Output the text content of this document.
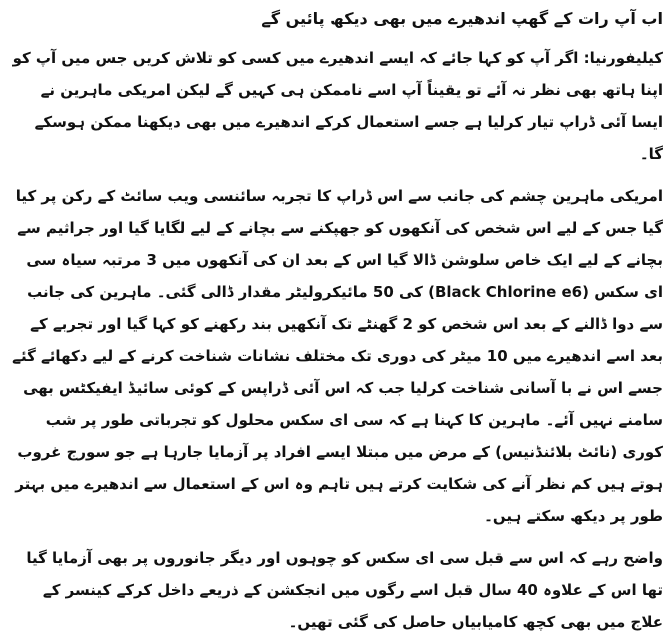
اب آپ رات کے گھپ اندھیرے میں بھی دیکھ پائیں گے

کیلیفورنیا: اگر آپ کو کہا جائے کہ ایسے اندھیرے میں کسی کو تلاش کریں جس میں آپ کو اپنا ہاتھ بھی نظر نہ آئے تو یقیناً آپ اسے ناممکن ہی کہیں گے لیکن امریکی ماہرین نے ایسا آئی ڈراپ تیار کرلیا ہے جسے استعمال کرکے اندھیرے میں بھی دیکھنا ممکن ہوسکے گا۔

امریکی ماہرین چشم کی جانب سے اس ڈراپ کا تجربہ سائنسی ویب سائٹ کے رکن پر کیا گیا جس کے لیے اس شخص کی آنکھوں کو جھپکنے سے بچانے کے لیے لگایا گیا اور جراثیم سے بچانے کے لیے ایک خاص سلوشن ڈالا گیا اس کے بعد ان کی آنکھوں میں 3 مرتبہ سیاہ سی ای سکس (Black Chlorine e6) کی 50 مائیکرولیٹر مقدار ڈالی گئی۔ ماہرین کی جانب سے دوا ڈالنے کے بعد اس شخص کو 2 گھنٹے تک آنکھیں بند رکھنے کو کہا گیا اور تجربے کے بعد اسے اندھیرے میں 10 میٹر کی دوری تک مختلف نشانات شناخت کرنے کے لیے دکھائے گئے جسے اس نے با آسانی شناخت کرلیا جب کہ اس آئی ڈراپس کے کوئی سائیڈ ایفیکٹس بھی سامنے نہیں آئے۔ ماہرین کا کہنا ہے کہ سی ای سکس محلول کو تجرباتی طور پر شب کوری (نائٹ بلائنڈنیس) کے مرض میں مبتلا ایسے افراد پر آزمایا جارہا ہے جو سورج غروب ہوتے ہیں کم نظر آنے کی شکایت کرتے ہیں تاہم وہ اس کے استعمال سے اندھیرے میں بہتر طور پر دیکھ سکتے ہیں۔

واضح رہے کہ اس سے قبل سی ای سکس کو چوہوں اور دیگر جانوروں پر بھی آزمایا گیا تھا اس کے علاوہ 40 سال قبل اسے رگوں میں انجکشن کے ذریعے داخل کرکے کینسر کے علاج میں بھی کچھ کامیابیاں حاصل کی گئی تھیں۔
